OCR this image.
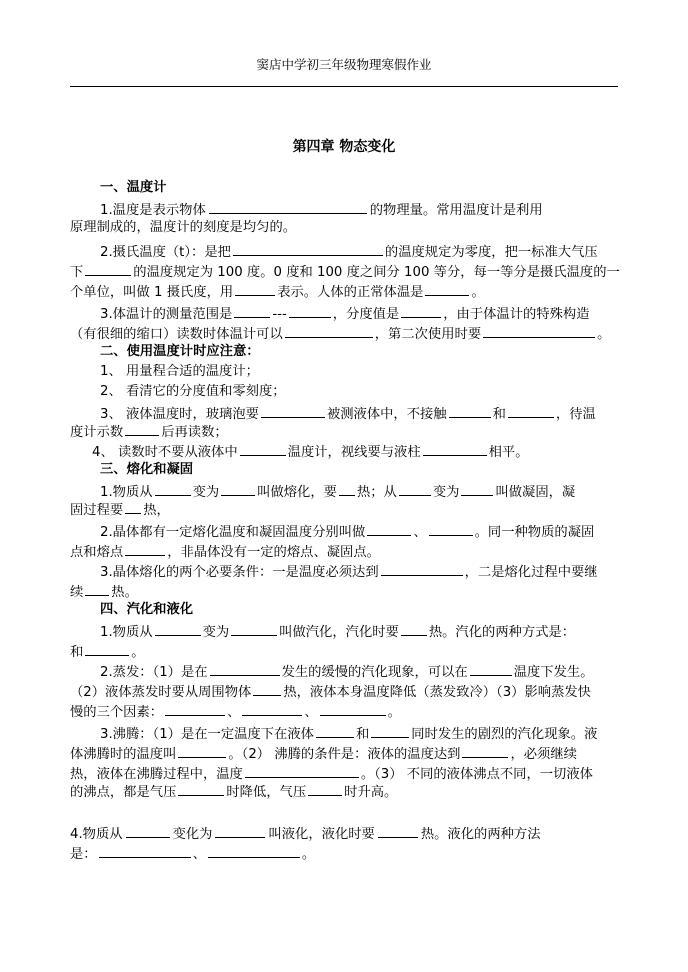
窦店中学初三年级物理寒假作业
第四章 物态变化
一、温度计
1.温度是表示物体	的物理量。常用温度计是利用
原理制成的，温度计的刻度是均匀的。
2.摄氏温度（t）：是把	的温度规定为零度，把一标准大气压
下	的温度规定为 100 度。0 度和 100 度之间分 100 等分，每一等分是摄氏温度的一
个单位，叫做 1 摄氏度，用	表示。人体的正常体温是	。
3.体温计的测量范围是	---	，分度值是	，由于体温计的特殊构造
（有很细的缩口）读数时体温计可以	，第二次使用时要	。
二、使用温度计时应注意：
1、 用量程合适的温度计；
2、 看清它的分度值和零刻度；
3、 液体温度时，玻璃泡要	被测液体中，不接触	和	，待温
度计示数	后再读数；
4、 读数时不要从液体中	温度计，视线要与液柱	相平。
三、熔化和凝固
1.物质从	变为	叫做熔化，要 热；从	变为	叫做凝固，凝
固过程要 热，
2.晶体都有一定熔化温度和凝固温度分别叫做	、	。同一种物质的凝固
点和熔点	，非晶体没有一定的熔点、凝固点。
3.晶体熔化的两个必要条件：一是温度必须达到	，二是熔化过程中要继
续 热。
四、汽化和液化
1.物质从	变为	叫做汽化，汽化时要 热。汽化的两种方式是：
和	。
2.蒸发：（1）是在	发生的缓慢的汽化现象，可以在	温度下发生。
（2）液体蒸发时要从周围物体 热，液体本身温度降低（蒸发致冷）（3）影响蒸发快
慢的三个因素：	、	、	。
3.沸腾：（1）是在一定温度下在液体	和	同时发生的剧烈的汽化现象。液
体沸腾时的温度叫	。（2） 沸腾的条件是：液体的温度达到	，必须继续
热，液体在沸腾过程中，温度	。（3） 不同的液体沸点不同，一切液体
的沸点，都是气压	时降低，气压	时升高。
4.物质从	变化为	叫液化，液化时要	热。液化的两种方法
是：	、	。
